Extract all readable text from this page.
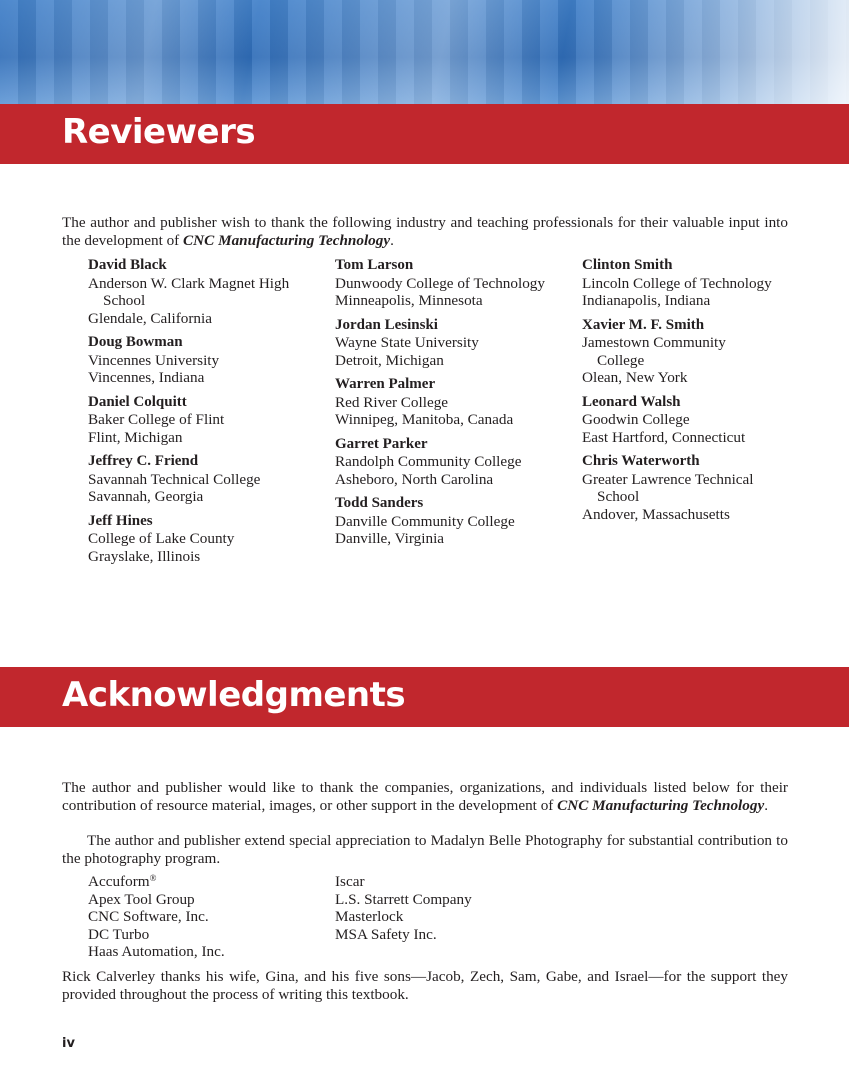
Reviewers

The author and publisher wish to thank the following industry and teaching professionals for their valuable input into the development of CNC Manufacturing Technology.

David Black
Anderson W. Clark Magnet High School
Glendale, California
Doug Bowman
Vincennes University
Vincennes, Indiana
Daniel Colquitt
Baker College of Flint
Flint, Michigan
Jeffrey C. Friend
Savannah Technical College
Savannah, Georgia
Jeff Hines
College of Lake County
Grayslake, Illinois
Tom Larson
Dunwoody College of Technology
Minneapolis, Minnesota
Jordan Lesinski
Wayne State University
Detroit, Michigan
Warren Palmer
Red River College
Winnipeg, Manitoba, Canada
Garret Parker
Randolph Community College
Asheboro, North Carolina
Todd Sanders
Danville Community College
Danville, Virginia
Clinton Smith
Lincoln College of Technology
Indianapolis, Indiana
Xavier M. F. Smith
Jamestown Community College
Olean, New York
Leonard Walsh
Goodwin College
East Hartford, Connecticut
Chris Waterworth
Greater Lawrence Technical School
Andover, Massachusetts
Acknowledgments

The author and publisher would like to thank the companies, organizations, and individuals listed below for their contribution of resource material, images, or other support in the development of CNC Manufacturing Technology.

The author and publisher extend special appreciation to Madalyn Belle Photography for substantial contribution to the photography program.

Accuform®
Apex Tool Group
CNC Software, Inc.
DC Turbo
Haas Automation, Inc.
Iscar
L.S. Starrett Company
Masterlock
MSA Safety Inc.

Rick Calverley thanks his wife, Gina, and his five sons—Jacob, Zech, Sam, Gabe, and Israel—for the support they provided throughout the process of writing this textbook.

iv
